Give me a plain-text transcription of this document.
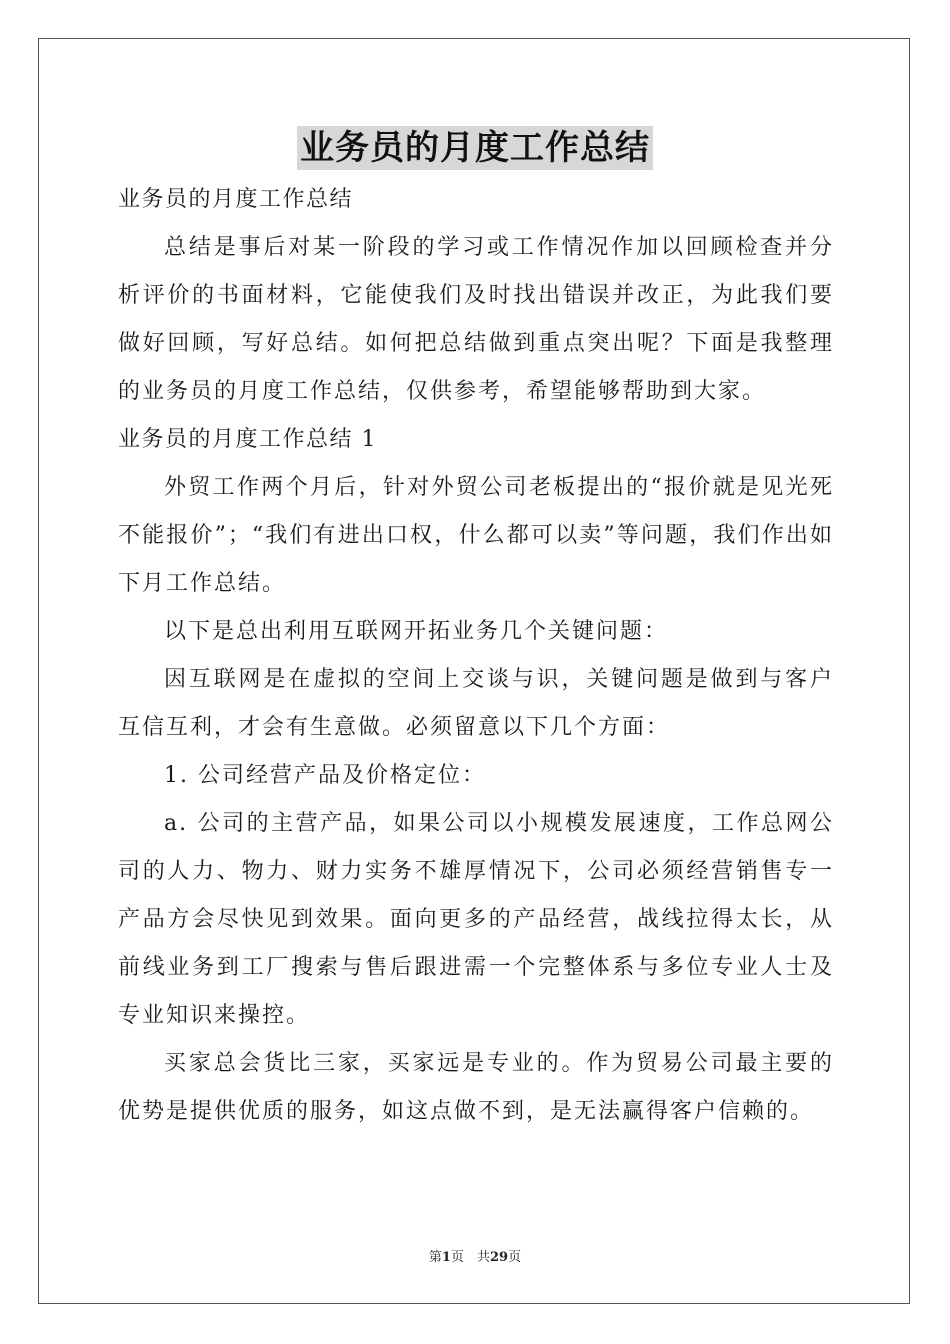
业务员的月度工作总结

业务员的月度工作总结

总结是事后对某一阶段的学习或工作情况作加以回顾检查并分析评价的书面材料，它能使我们及时找出错误并改正，为此我们要做好回顾，写好总结。如何把总结做到重点突出呢？下面是我整理的业务员的月度工作总结，仅供参考，希望能够帮助到大家。

业务员的月度工作总结 1

外贸工作两个月后，针对外贸公司老板提出的“报价就是见光死不能报价”；“我们有进出口权，什么都可以卖”等问题，我们作出如下月工作总结。

以下是总出利用互联网开拓业务几个关键问题：

因互联网是在虚拟的空间上交谈与识，关键问题是做到与客户互信互利，才会有生意做。必须留意以下几个方面：

1. 公司经营产品及价格定位：

a. 公司的主营产品，如果公司以小规模发展速度，工作总网公司的人力、物力、财力实务不雄厚情况下，公司必须经营销售专一产品方会尽快见到效果。面向更多的产品经营，战线拉得太长，从前线业务到工厂搜索与售后跟进需一个完整体系与多位专业人士及专业知识来操控。

买家总会货比三家，买家远是专业的。作为贸易公司最主要的优势是提供优质的服务，如这点做不到，是无法赢得客户信赖的。

第1页　共29页
